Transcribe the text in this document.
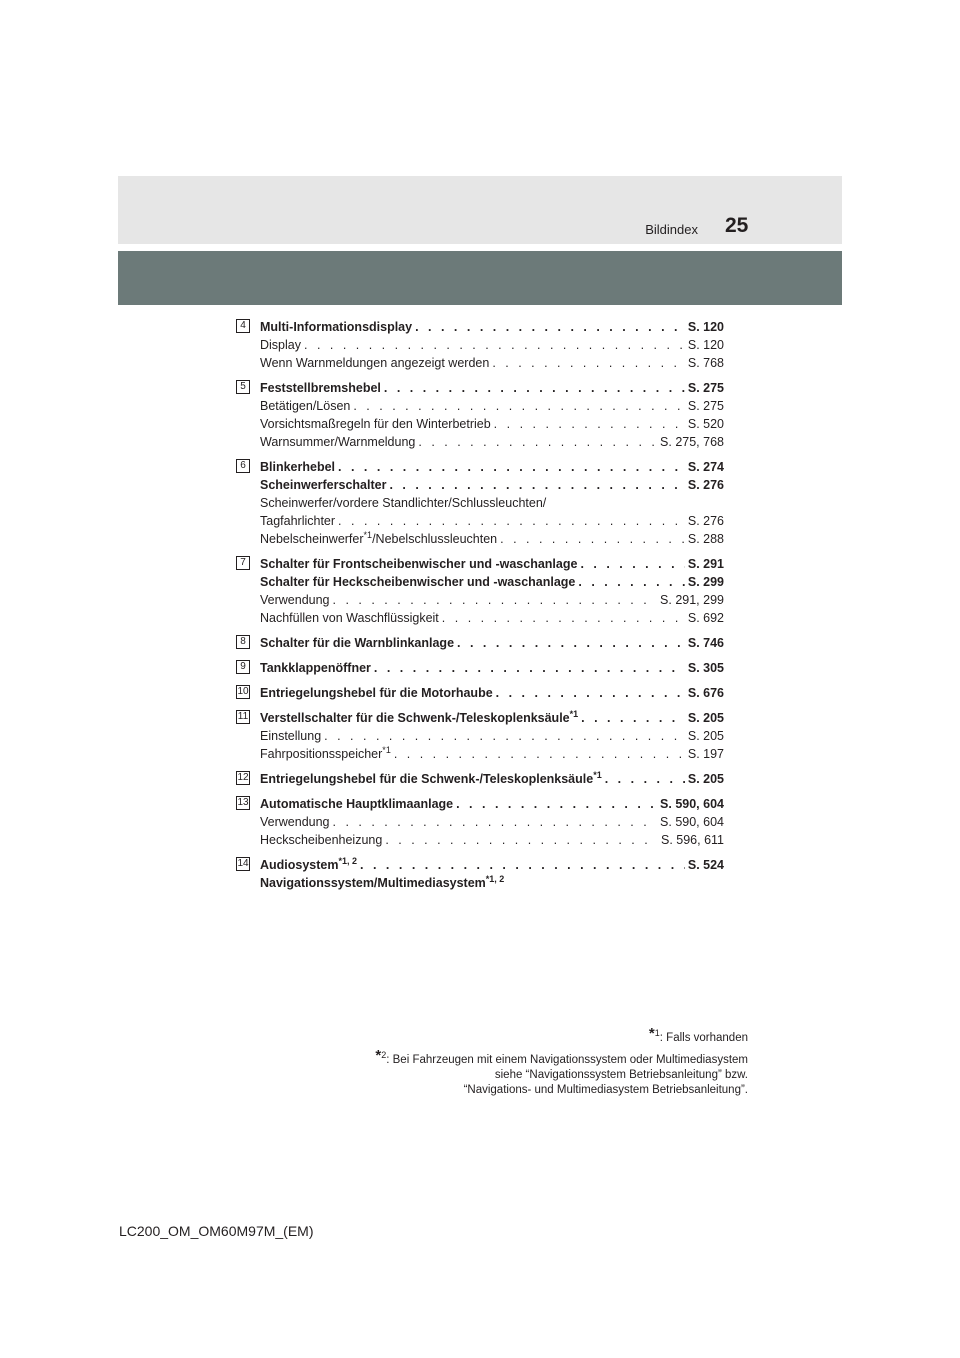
Bildindex 25
4	Multi-Informationsdisplay . . .	S. 120
Display . . .	S. 120
Wenn Warnmeldungen angezeigt werden . . .	S. 768
5	Feststellbremshebel . . .	S. 275
Betätigen/Lösen . . .	S. 275
Vorsichtsmaßregeln für den Winterbetrieb . . .	S. 520
Warnsummer/Warnmeldung . . .	S. 275, 768
6	Blinkerhebel . . .	S. 274
Scheinwerferschalter . . .	S. 276
Scheinwerfer/vordere Standlichter/Schlussleuchten/
Tagfahrlichter . . .	S. 276
Nebelscheinwerfer$^{*1}$/Nebelschlussleuchten . . .	S. 288
7	Schalter für Frontscheibenwischer und -waschanlage . . .	S. 291
Schalter für Heckscheibenwischer und -waschanlage . . .	S. 299
Verwendung . . .	S. 291, 299
Nachfüllen von Waschflüssigkeit . . .	S. 692
8	Schalter für die Warnblinkanlage . . .	S. 746
9	Tankklappenöffner . . .	S. 305
10 Entriegelungshebel für die Motorhaube . . .	S. 676
11 Verstellschalter für die Schwenk-/Teleskoplenksäule$^{*1}$ . . .	S. 205
Einstellung . . .	S. 205
Fahrpositionsspeicher$^{*1}$ . . .	S. 197
12 Entriegelungshebel für die Schwenk-/Teleskoplenksäule$^{*1}$ . . .	S. 205
13 Automatische Hauptklimaanlage . . .	S. 590, 604
Verwendung . . .	S. 590, 604
Heckscheibenheizung . . .	S. 596, 611
14 Audiosystem$^{*1, 2}$ . . .	S. 524
Navigationssystem/Multimediasystem$^{*1, 2}$
*$^1$: Falls vorhanden
*$^2$: Bei Fahrzeugen mit einem Navigationssystem oder Multimediasystem
siehe “Navigationssystem Betriebsanleitung” bzw.
“Navigations- und Multimediasystem Betriebsanleitung”.
LC200_OM_OM60M97M_(EM)
